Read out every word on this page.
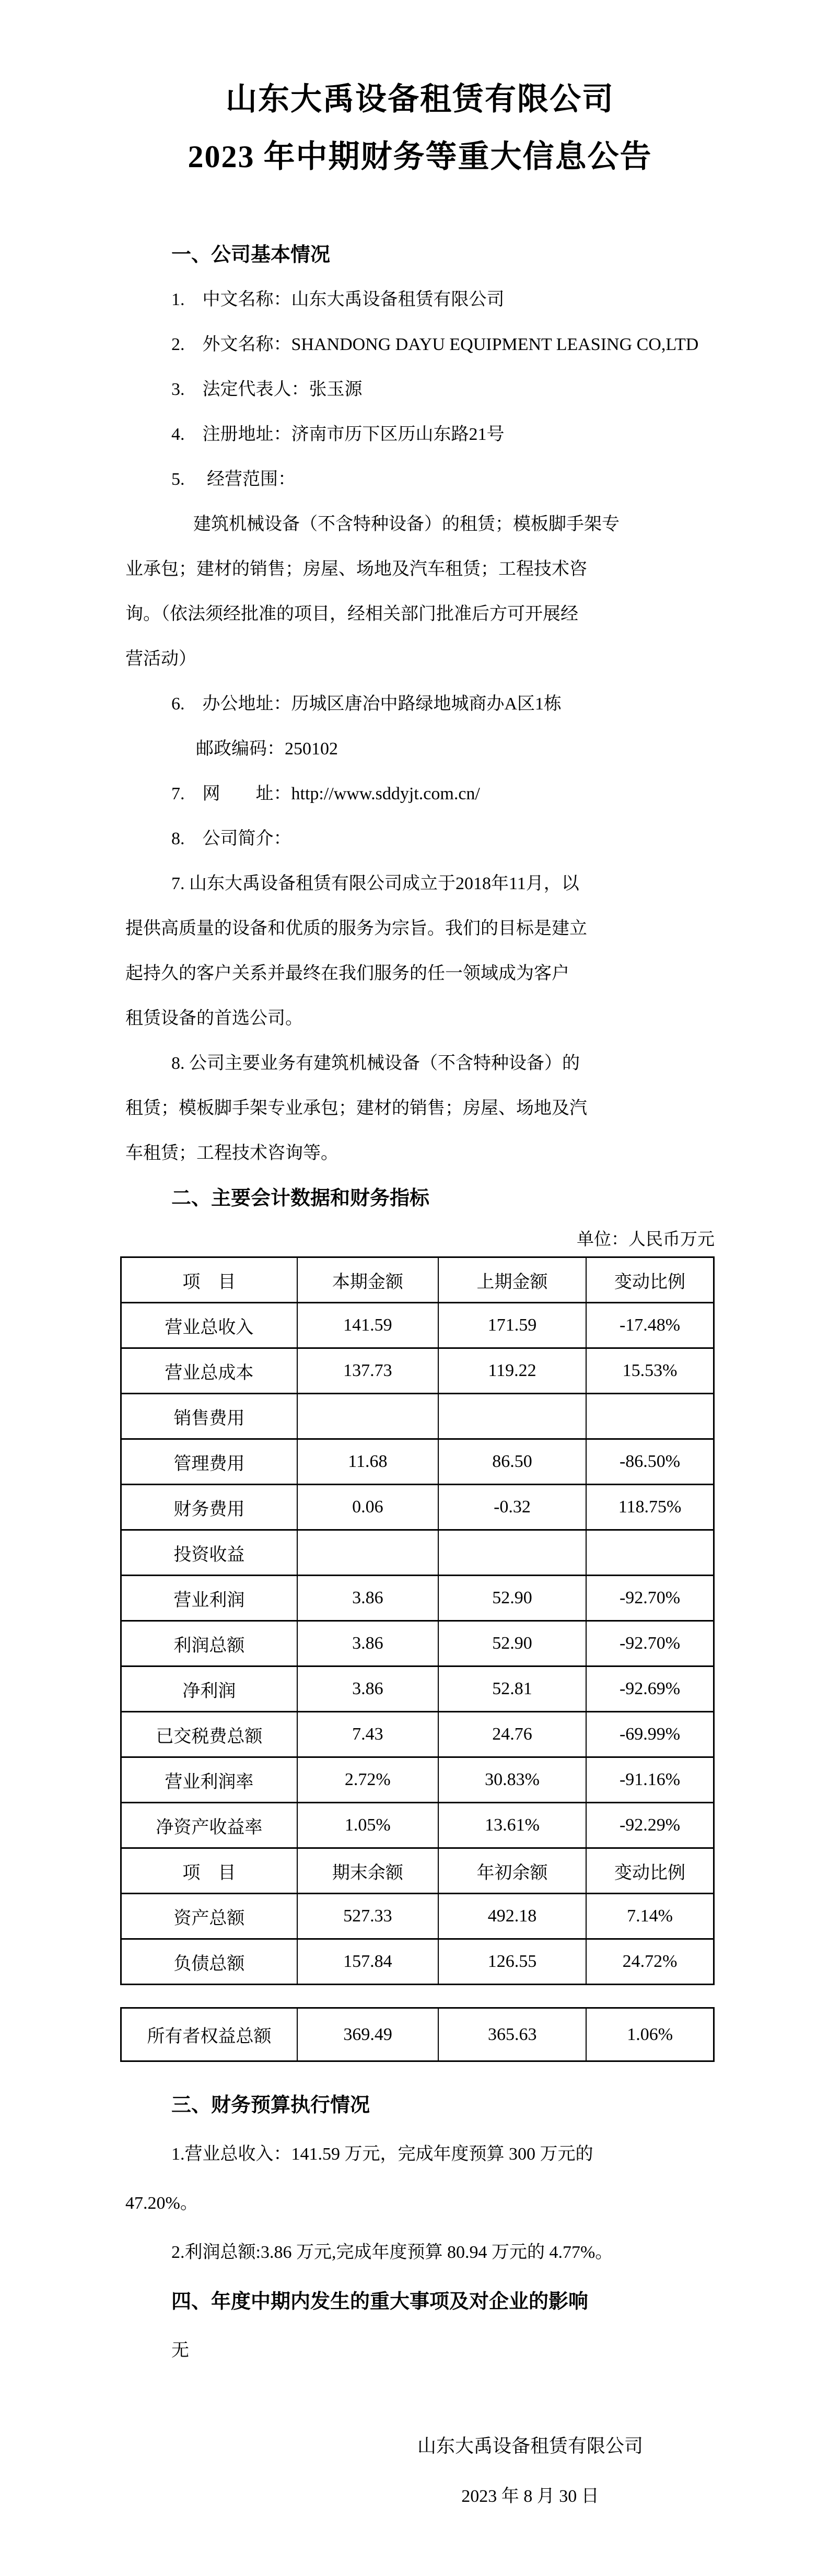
山东大禹设备租赁有限公司
2023 年中期财务等重大信息公告
一、公司基本情况
1.　中文名称：山东大禹设备租赁有限公司
2.　外文名称：SHANDONG DAYU EQUIPMENT LEASING CO,LTD
3.　法定代表人：张玉源
4.　注册地址：济南市历下区历山东路21号
5.　 经营范围：
建筑机械设备（不含特种设备）的租赁；模板脚手架专
业承包；建材的销售；房屋、场地及汽车租赁；工程技术咨
询。（依法须经批准的项目，经相关部门批准后方可开展经
营活动）
6.　办公地址：历城区唐冶中路绿地城商办A区1栋
邮政编码：250102
7.　网　　址：http://www.sddyjt.com.cn/
8.　公司简介：
7. 山东大禹设备租赁有限公司成立于2018年11月，以
提供高质量的设备和优质的服务为宗旨。我们的目标是建立
起持久的客户关系并最终在我们服务的任一领域成为客户
租赁设备的首选公司。
8. 公司主要业务有建筑机械设备（不含特种设备）的
租赁；模板脚手架专业承包；建材的销售；房屋、场地及汽
车租赁；工程技术咨询等。
二、主要会计数据和财务指标
单位：人民币万元
项　目	本期金额	上期金额	变动比例
营业总收入	141.59	171.59	-17.48%
营业总成本	137.73	119.22	15.53%
销售费用			
管理费用	11.68	86.50	-86.50%
财务费用	0.06	-0.32	118.75%
投资收益			
营业利润	3.86	52.90	-92.70%
利润总额	3.86	52.90	-92.70%
净利润	3.86	52.81	-92.69%
已交税费总额	7.43	24.76	-69.99%
营业利润率	2.72%	30.83%	-91.16%
净资产收益率	1.05%	13.61%	-92.29%
项　目	期末余额	年初余额	变动比例
资产总额	527.33	492.18	7.14%
负债总额	157.84	126.55	24.72%
所有者权益总额	369.49	365.63	1.06%
三、财务预算执行情况
1.营业总收入：141.59 万元，完成年度预算 300 万元的
47.20%。
2.利润总额:3.86 万元,完成年度预算 80.94 万元的 4.77%。
四、年度中期内发生的重大事项及对企业的影响
无
山东大禹设备租赁有限公司
2023 年 8 月 30 日
